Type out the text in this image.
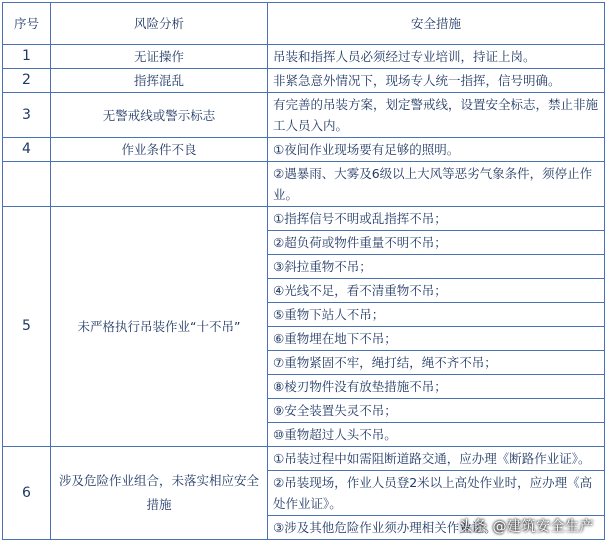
序号	风险分析	安全措施
1	无证操作	吊装和指挥人员必须经过专业培训，持证上岗。
2	指挥混乱	非紧急意外情况下，现场专人统一指挥，信号明确。
3	无警戒线或警示标志	有完善的吊装方案，划定警戒线，设置安全标志，禁止非施工人员入内。
4	作业条件不良	①夜间作业现场要有足够的照明。
		②遇暴雨、大雾及6级以上大风等恶劣气象条件，须停止作业。
5	未严格执行吊装作业“十不吊”	①指挥信号不明或乱指挥不吊；
		②超负荷或物件重量不明不吊；
		③斜拉重物不吊；
		④光线不足，看不清重物不吊；
		⑤重物下站人不吊；
		⑥重物埋在地下不吊；
		⑦重物紧固不牢，绳打结，绳不齐不吊；
		⑧棱刃物件没有放垫措施不吊；
		⑨安全装置失灵不吊；
		⑩重物超过人头不吊。
6	涉及危险作业组合，未落实相应安全措施	①吊装过程中如需阻断道路交通，应办理《断路作业证》。
		②吊装现场，作业人员登2米以上高处作业时，应办理《高处作业证》。
		③涉及其他危险作业须办理相关作业证。
头条 @建筑安全生产
